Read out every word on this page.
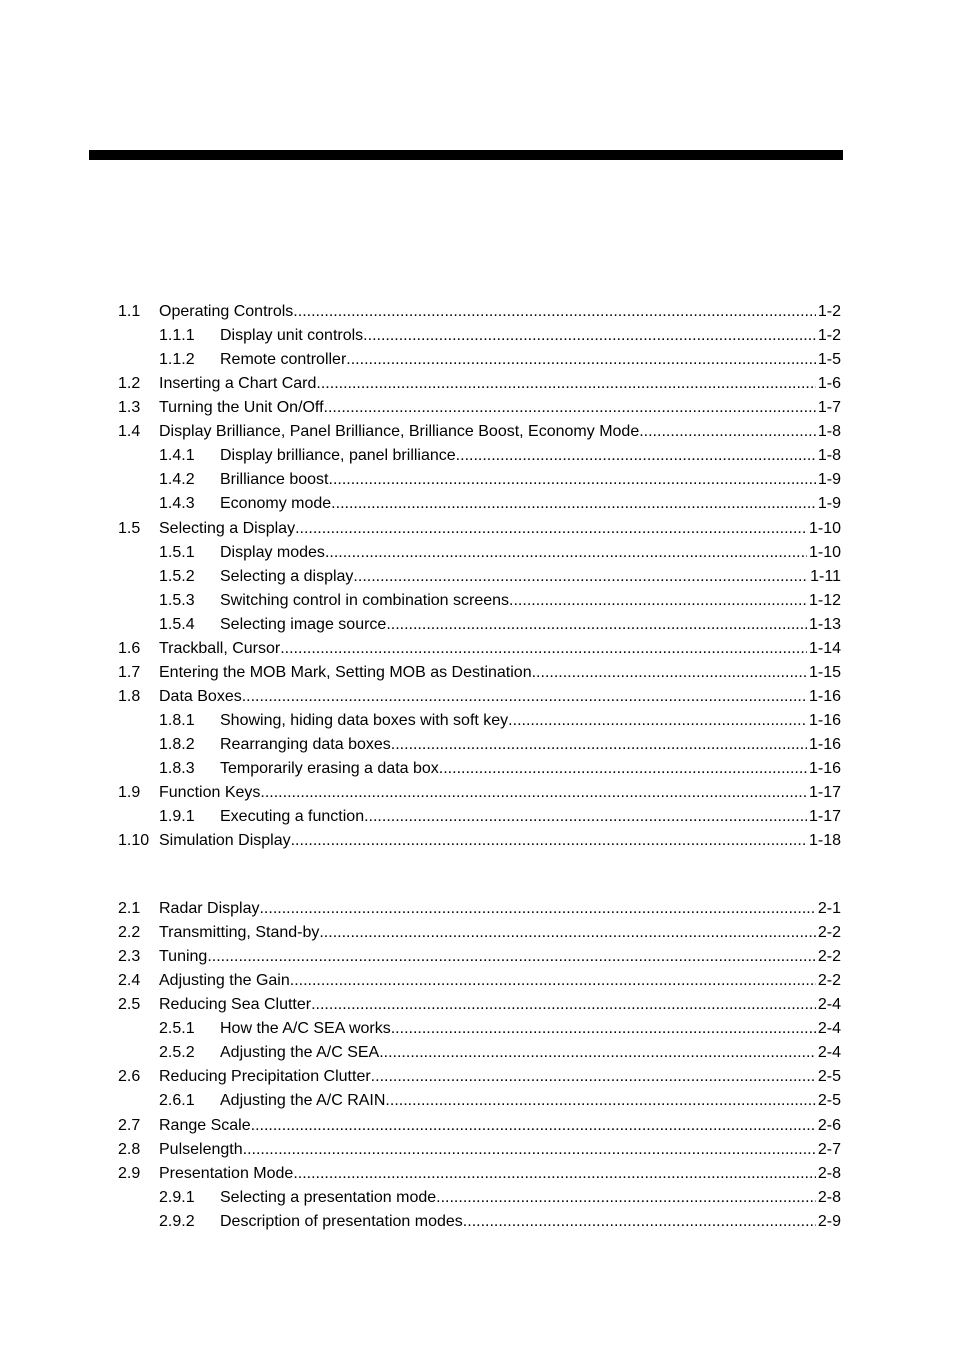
1.1 Operating Controls .....	1-2
1.1.1 Display unit controls .....	1-2
1.1.2 Remote controller .....	1-5
1.2 Inserting a Chart Card .....	1-6
1.3 Turning the Unit On/Off .....	1-7
1.4 Display Brilliance, Panel Brilliance, Brilliance Boost, Economy Mode .....	1-8
1.4.1 Display brilliance, panel brilliance .....	1-8
1.4.2 Brilliance boost .....	1-9
1.4.3 Economy mode .....	1-9
1.5 Selecting a Display .....	1-10
1.5.1 Display modes .....	1-10
1.5.2 Selecting a display .....	1-11
1.5.3 Switching control in combination screens .....	1-12
1.5.4 Selecting image source .....	1-13
1.6 Trackball, Cursor .....	1-14
1.7 Entering the MOB Mark, Setting MOB as Destination .....	1-15
1.8 Data Boxes .....	1-16
1.8.1 Showing, hiding data boxes with soft key .....	1-16
1.8.2 Rearranging data boxes .....	1-16
1.8.3 Temporarily erasing a data box .....	1-16
1.9 Function Keys .....	1-17
1.9.1 Executing a function .....	1-17
1.10 Simulation Display .....	1-18
2.1 Radar Display .....	2-1
2.2 Transmitting, Stand-by .....	2-2
2.3 Tuning .....	2-2
2.4 Adjusting the Gain .....	2-2
2.5 Reducing Sea Clutter .....	2-4
2.5.1 How the A/C SEA works .....	2-4
2.5.2 Adjusting the A/C SEA .....	2-4
2.6 Reducing Precipitation Clutter .....	2-5
2.6.1 Adjusting the A/C RAIN .....	2-5
2.7 Range Scale .....	2-6
2.8 Pulselength .....	2-7
2.9 Presentation Mode .....	2-8
2.9.1 Selecting a presentation mode .....	2-8
2.9.2 Description of presentation modes .....	2-9
